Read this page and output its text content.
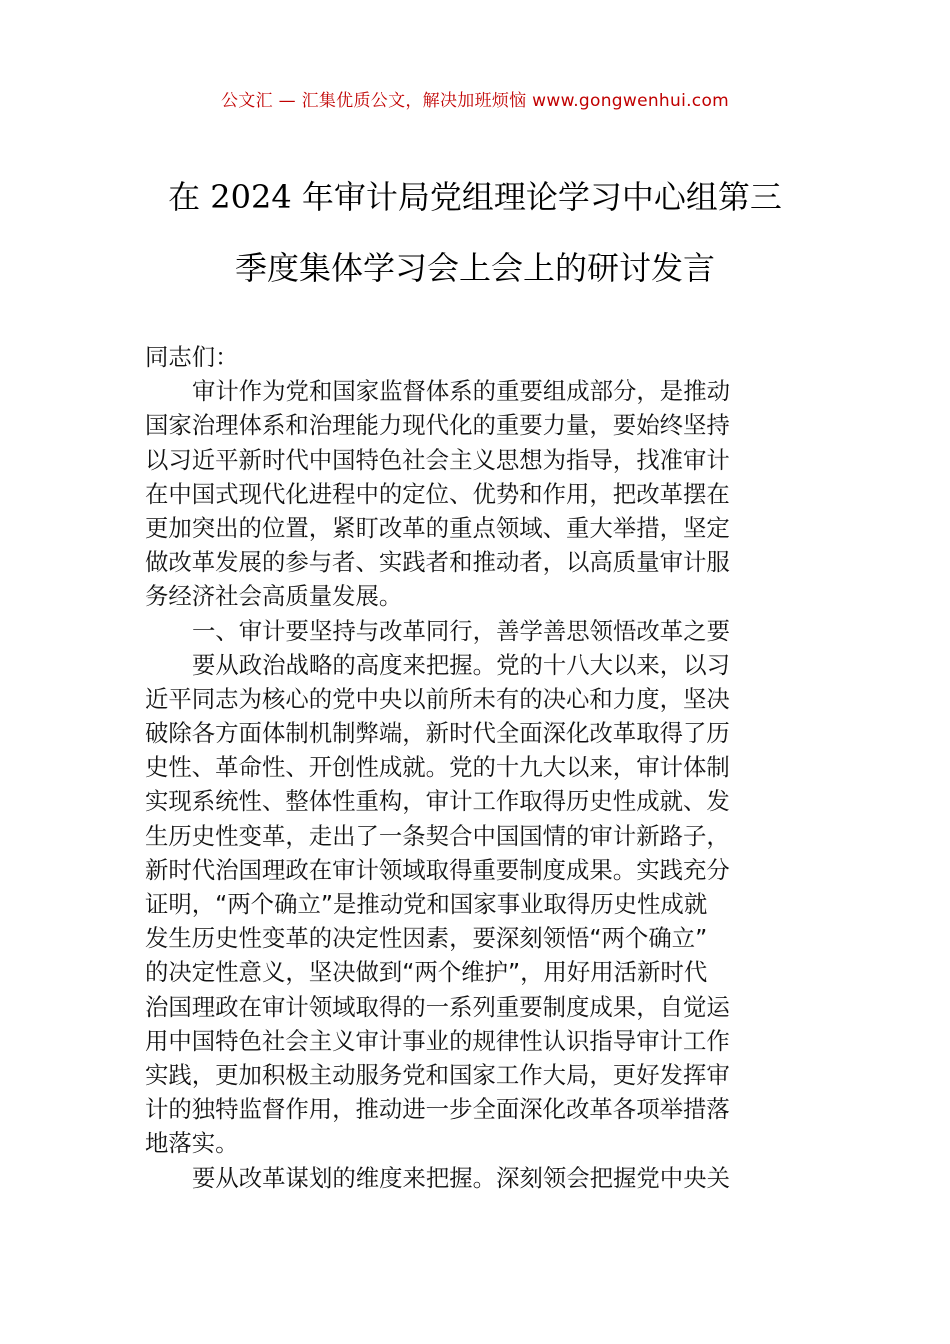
公文汇 — 汇集优质公文，解决加班烦恼 www.gongwenhui.com
在 2024 年审计局党组理论学习中心组第三
季度集体学习会上会上的研讨发言
同志们：
审计作为党和国家监督体系的重要组成部分，是推动
国家治理体系和治理能力现代化的重要力量，要始终坚持
以习近平新时代中国特色社会主义思想为指导，找准审计
在中国式现代化进程中的定位、优势和作用，把改革摆在
更加突出的位置，紧盯改革的重点领域、重大举措，坚定
做改革发展的参与者、实践者和推动者，以高质量审计服
务经济社会高质量发展。
一、审计要坚持与改革同行，善学善思领悟改革之要
要从政治战略的高度来把握。党的十八大以来，以习
近平同志为核心的党中央以前所未有的决心和力度，坚决
破除各方面体制机制弊端，新时代全面深化改革取得了历
史性、革命性、开创性成就。党的十九大以来，审计体制
实现系统性、整体性重构，审计工作取得历史性成就、发
生历史性变革，走出了一条契合中国国情的审计新路子，
新时代治国理政在审计领域取得重要制度成果。实践充分
证明，“两个确立”是推动党和国家事业取得历史性成就
发生历史性变革的决定性因素，要深刻领悟“两个确立”
的决定性意义，坚决做到“两个维护”，用好用活新时代
治国理政在审计领域取得的一系列重要制度成果，自觉运
用中国特色社会主义审计事业的规律性认识指导审计工作
实践，更加积极主动服务党和国家工作大局，更好发挥审
计的独特监督作用，推动进一步全面深化改革各项举措落
地落实。
要从改革谋划的维度来把握。深刻领会把握党中央关
